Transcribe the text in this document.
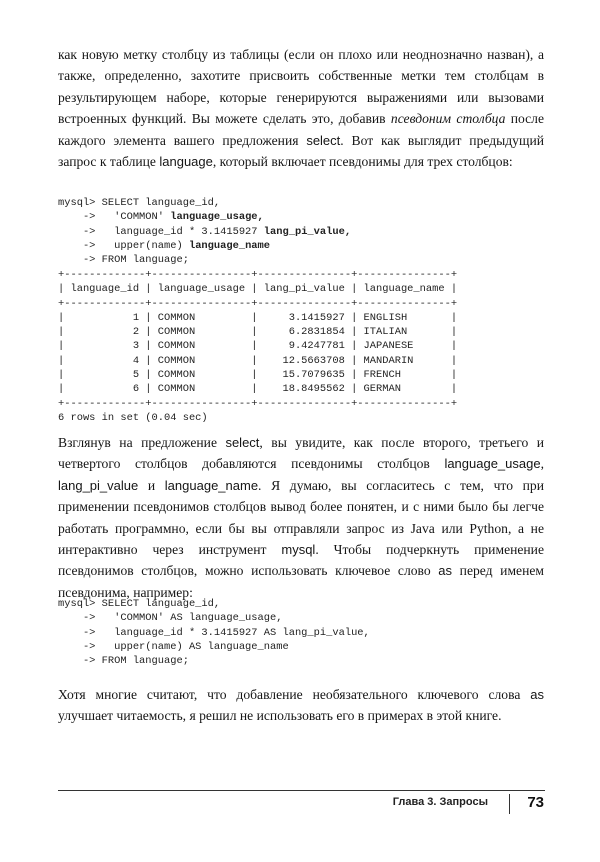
как новую метку столбцу из таблицы (если он плохо или неоднозначно назван), а также, определенно, захотите присвоить собственные метки тем столбцам в результирующем наборе, которые генерируются выражениями или вызовами встроенных функций. Вы можете сделать это, добавив псевдоним столбца после каждого элемента вашего предложения select. Вот как выглядит предыдущий запрос к таблице language, который включает псевдонимы для трех столбцов:

mysql> SELECT language_id,
->   'COMMON' language_usage,
->   language_id * 3.1415927 lang_pi_value,
->   upper(name) language_name
-> FROM language;
+-------------+----------------+---------------+---------------+
| language_id | language_usage | lang_pi_value | language_name |
+-------------+----------------+---------------+---------------+
|           1 | COMMON         |     3.1415927 | ENGLISH       |
|           2 | COMMON         |     6.2831854 | ITALIAN       |
|           3 | COMMON         |     9.4247781 | JAPANESE      |
|           4 | COMMON         |    12.5663708 | MANDARIN      |
|           5 | COMMON         |    15.7079635 | FRENCH        |
|           6 | COMMON         |    18.8495562 | GERMAN        |
+-------------+----------------+---------------+---------------+
6 rows in set (0.04 sec)

Взглянув на предложение select, вы увидите, как после второго, третьего и четвертого столбцов добавляются псевдонимы столбцов language_usage, lang_pi_value и language_name. Я думаю, вы согласитесь с тем, что при применении псевдонимов столбцов вывод более понятен, и с ними было бы легче работать программно, если бы вы отправляли запрос из Java или Python, а не интерактивно через инструмент mysql. Чтобы подчеркнуть применение псевдонимов столбцов, можно использовать ключевое слово as перед именем псевдонима, например:

mysql> SELECT language_id,
->   'COMMON' AS language_usage,
->   language_id * 3.1415927 AS lang_pi_value,
->   upper(name) AS language_name
-> FROM language;

Хотя многие считают, что добавление необязательного ключевого слова as улучшает читаемость, я решил не использовать его в примерах в этой книге.

Глава 3. Запросы	73
